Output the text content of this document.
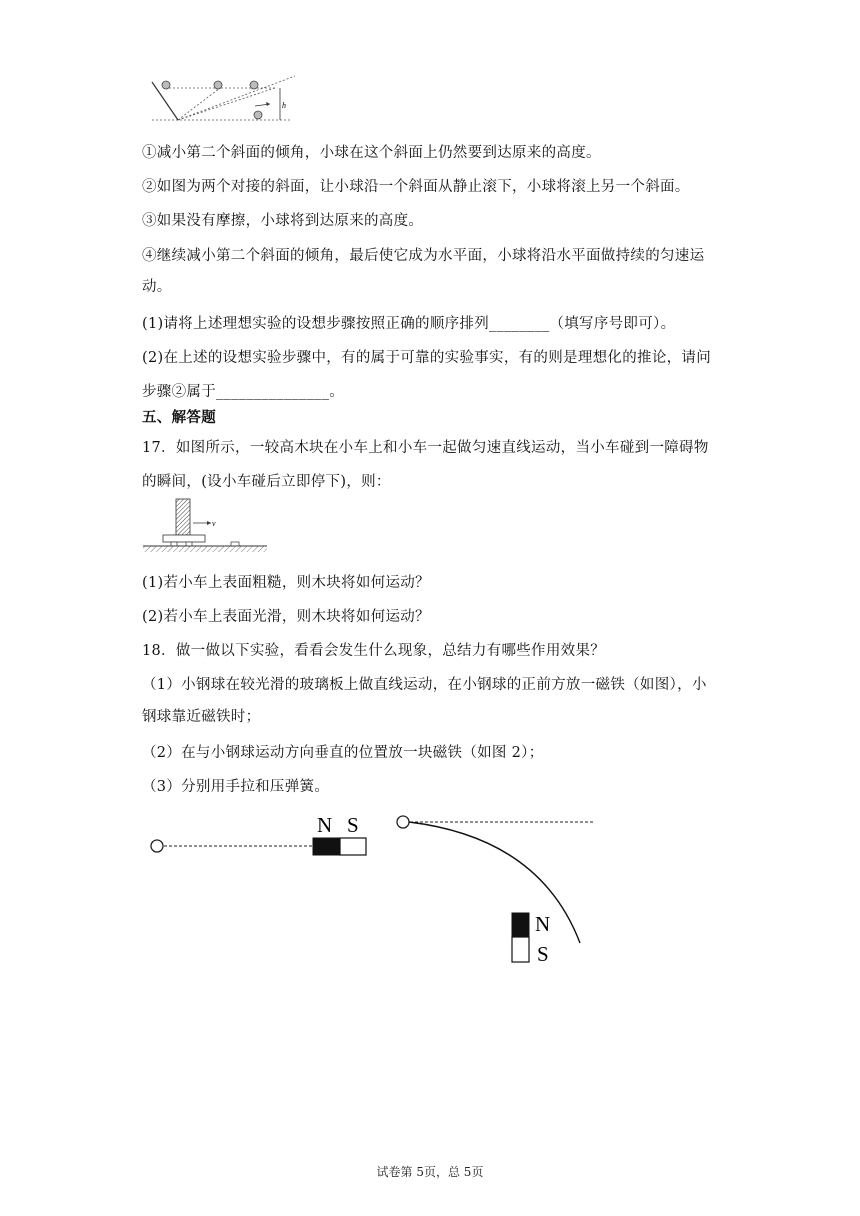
h
①减小第二个斜面的倾角，小球在这个斜面上仍然要到达原来的高度。
②如图为两个对接的斜面，让小球沿一个斜面从静止滚下，小球将滚上另一个斜面。
③如果没有摩擦，小球将到达原来的高度。
④继续减小第二个斜面的倾角，最后使它成为水平面，小球将沿水平面做持续的匀速运
动。
(1)请将上述理想实验的设想步骤按照正确的顺序排列________（填写序号即可）。
(2)在上述的设想实验步骤中，有的属于可靠的实验事实，有的则是理想化的推论，请问
步骤②属于_______________。
五、解答题
17．如图所示，一较高木块在小车上和小车一起做匀速直线运动，当小车碰到一障碍物
的瞬间，(设小车碰后立即停下)，则：
v
(1)若小车上表面粗糙，则木块将如何运动？
(2)若小车上表面光滑，则木块将如何运动？
18．做一做以下实验，看看会发生什么现象，总结力有哪些作用效果？
（1）小钢球在较光滑的玻璃板上做直线运动，在小钢球的正前方放一磁铁（如图），小
钢球靠近磁铁时；
（2）在与小钢球运动方向垂直的位置放一块磁铁（如图 2）；
（3）分别用手拉和压弹簧。
N S
N
S
试卷第 5页，总 5页
